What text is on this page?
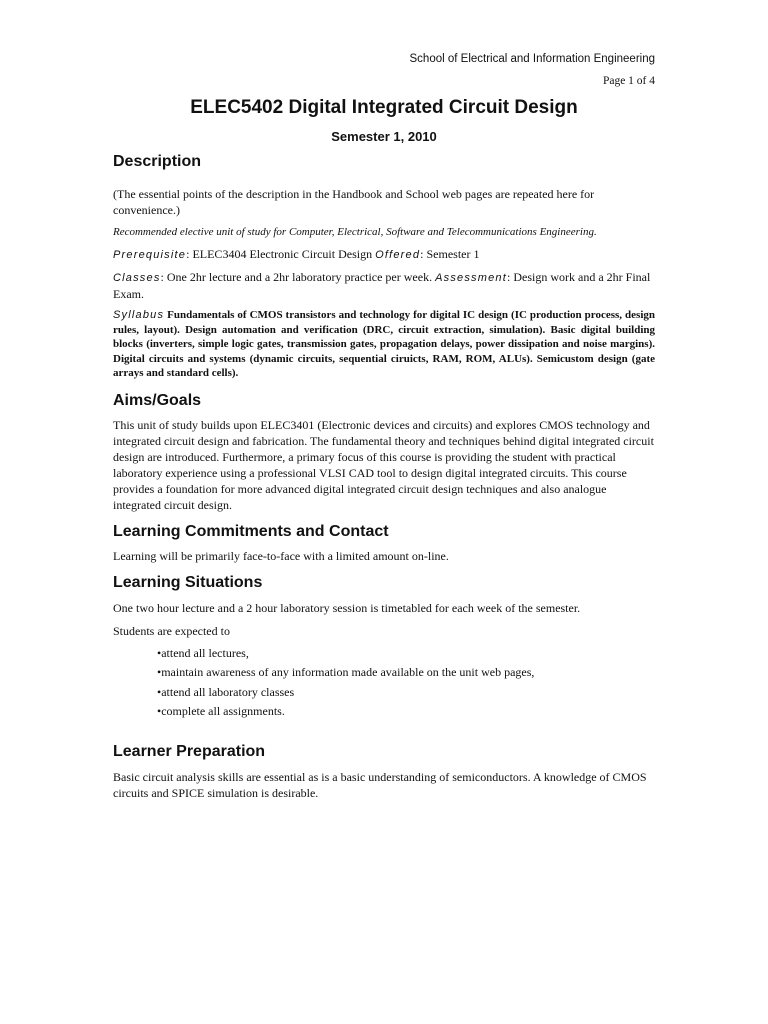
School of Electrical and Information Engineering
Page 1 of 4
ELEC5402 Digital Integrated Circuit Design
Semester 1, 2010
Description

(The essential points of the description in the Handbook and School web pages are repeated here for convenience.)

Recommended elective unit of study for Computer, Electrical, Software and Telecommunications Engineering.

Prerequisite: ELEC3404 Electronic Circuit Design Offered: Semester 1

Classes: One 2hr lecture and a 2hr laboratory practice per week. Assessment: Design work and a 2hr Final Exam.

Syllabus Fundamentals of CMOS transistors and technology for digital IC design (IC production process, design rules, layout). Design automation and verification (DRC, circuit extraction, simulation). Basic digital building blocks (inverters, simple logic gates, transmission gates, propagation delays, power dissipation and noise margins). Digital circuits and systems (dynamic circuits, sequential ciruicts, RAM, ROM, ALUs). Semicustom design (gate arrays and standard cells).

Aims/Goals

This unit of study builds upon ELEC3401 (Electronic devices and circuits) and explores CMOS technology and integrated circuit design and fabrication. The fundamental theory and techniques behind digital integrated circuit design are introduced. Furthermore, a primary focus of this course is providing the student with practical laboratory experience using a professional VLSI CAD tool to design digital integrated circuits. This course provides a foundation for more advanced digital integrated circuit design techniques and also analogue integrated circuit design.

Learning Commitments and Contact

Learning will be primarily face-to-face with a limited amount on-line.

Learning Situations

One two hour lecture and a 2 hour laboratory session is timetabled for each week of the semester.

Students are expected to

• attend all lectures,
• maintain awareness of any information made available on the unit web pages,
• attend all laboratory classes
• complete all assignments.
Learner Preparation

Basic circuit analysis skills are essential as is a basic understanding of semiconductors. A knowledge of CMOS circuits and SPICE simulation is desirable.
